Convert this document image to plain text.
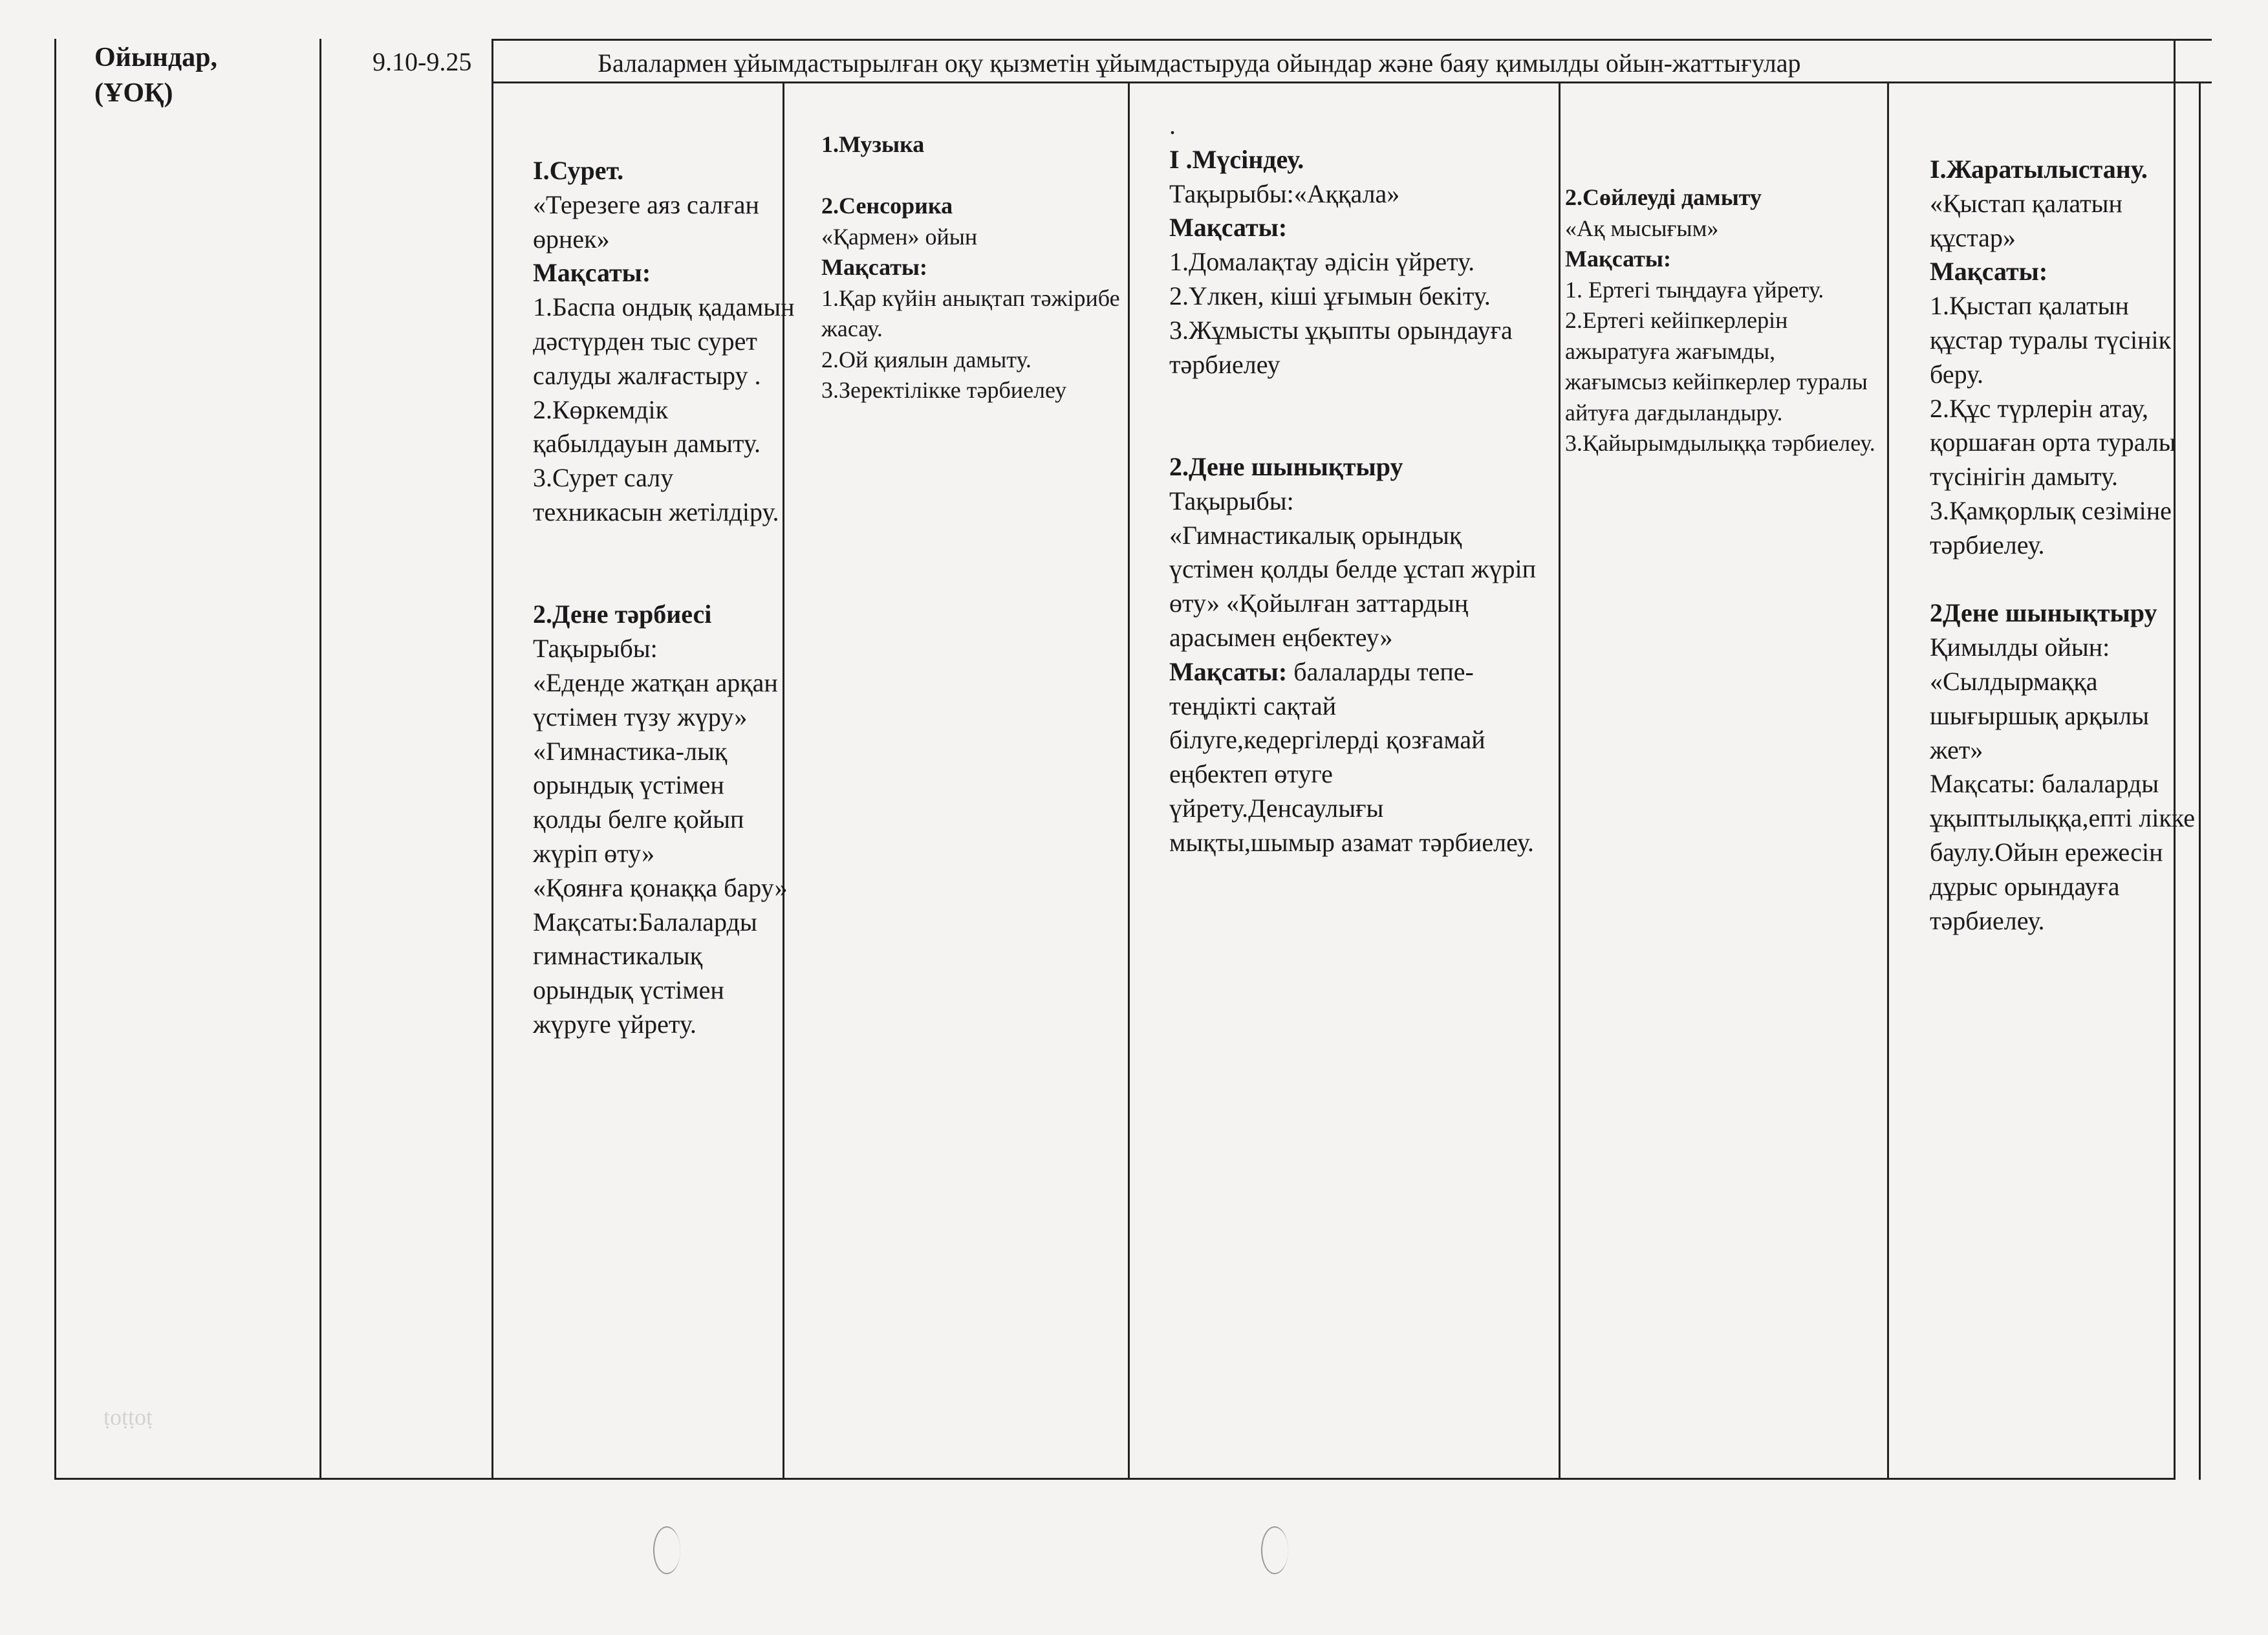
ṭoṭṭoṭ
Ойындар,
(ҰОҚ)
9.10-9.25	Балалармен ұйымдастырылған оқу қызметін ұйымдастыруда ойындар және баяу қимылды ойын-жаттығулар
І.Сурет.
«Терезеге аяз салған өрнек»
Мақсаты:
1.Баспа ондық қадамын дәстүрден тыс сурет салуды жалғастыру .
2.Көркемдік қабылдауын дамыту.
3.Сурет салу техникасын жетілдіру.

2.Дене тәрбиесі
Тақырыбы:
«Еденде жатқан арқан үстімен түзу жүру»
«Гимнастика-лық орындық үстімен қолды белге қойып жүріп өту»
«Қоянға қонаққа бару»
Мақсаты:Балаларды гимнастикалық орындық үстімен жүруге үйрету.
1.Музыка

2.Сенсорика
«Қармен» ойын
Мақсаты:
1.Қар күйін анықтап тәжірибе жасау.
2.Ой қиялын дамыту.
3.Зеректілікке тәрбиелеу
.
І .Мүсіндеу.
Тақырыбы:«Аққала»
Мақсаты:
1.Домалақтау әдісін үйрету.
2.Үлкен, кіші ұғымын бекіту.
3.Жұмысты ұқыпты орындауға тәрбиелеу

2.Дене шынықтыру
Тақырыбы:
«Гимнастикалық орындық үстімен қолды белде ұстап жүріп өту» «Қойылған заттардың арасымен еңбектеу»
Мақсаты: балаларды тепе-теңдікті сақтай білуге,кедергілерді қозғамай еңбектеп өтуге үйрету.Денсаулығы мықты,шымыр азамат тәрбиелеу.
2.Сөйлеуді дамыту
«Ақ мысығым»
Мақсаты:
1. Ертегі тыңдауға үйрету.
2.Ертегі кейіпкерлерін ажыратуға жағымды, жағымсыз кейіпкерлер туралы айтуға дағдыландыру.
3.Қайырымдылыққа тәрбиелеу.
І.Жаратылыстану.
«Қыстап қалатын құстар»
Мақсаты:
1.Қыстап қалатын құстар туралы түсінік беру.
2.Құс түрлерін атау, қоршаған орта туралы түсінігін дамыту.
3.Қамқорлық сезіміне тәрбиелеу.

2Дене шынықтыру
Қимылды ойын:
«Сылдырмаққа шығыршық арқылы жет»
Мақсаты: балаларды ұқыптылыққа,епті лікке баулу.Ойын ережесін дұрыс орындауға тәрбиелеу.
